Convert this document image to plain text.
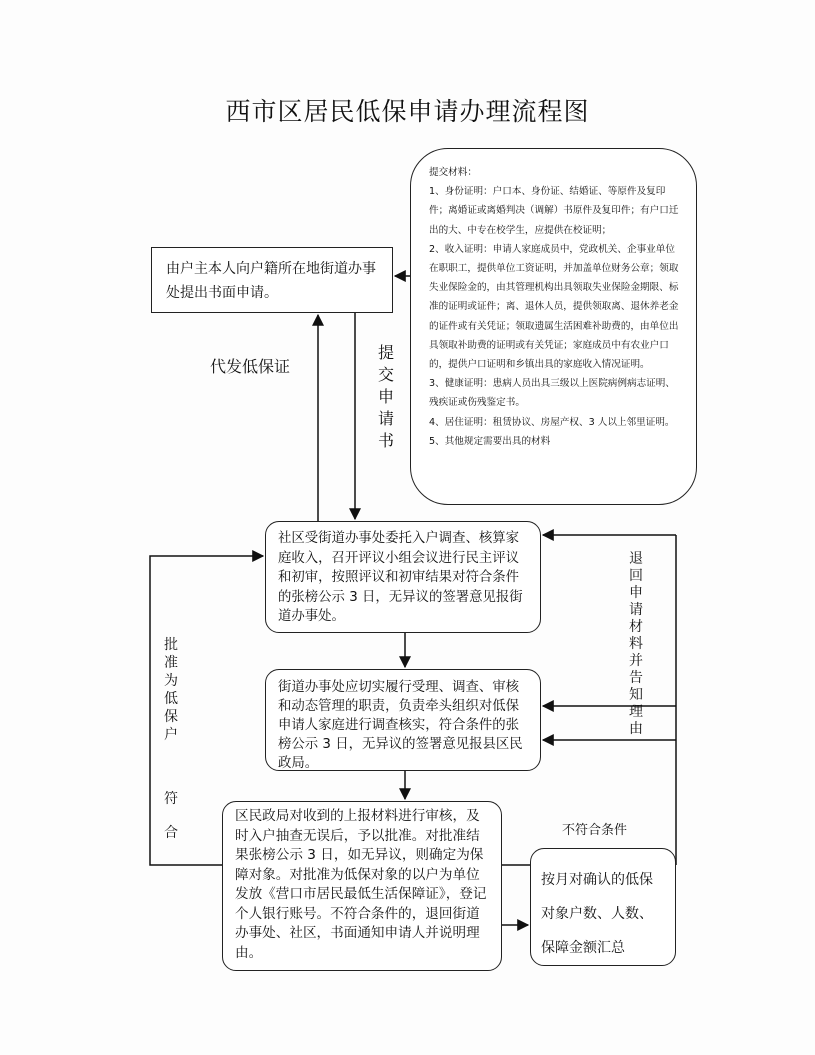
西市区居民低保申请办理流程图
提交材料：
1、身份证明：户口本、身份证、结婚证、等原件及复印件；离婚证或离婚判决（调解）书原件及复印件；有户口迁出的大、中专在校学生，应提供在校证明；
2、收入证明：申请人家庭成员中，党政机关、企事业单位在职职工，提供单位工资证明，并加盖单位财务公章；领取失业保险金的，由其管理机构出具领取失业保险金期限、标准的证明或证件；离、退休人员，提供领取离、退休养老金的证件或有关凭证；领取遗属生活困难补助费的，由单位出具领取补助费的证明或有关凭证；家庭成员中有农业户口的，提供户口证明和乡镇出具的家庭收入情况证明。
3、健康证明：患病人员出具三级以上医院病例病志证明、残疾证或伤残鉴定书。
4、居住证明：租赁协议、房屋产权、3 人以上邻里证明。
5、其他规定需要出具的材料
由户主本人向户籍所在地街道办事处提出书面申请。
社区受街道办事处委托入户调查、核算家庭收入，召开评议小组会议进行民主评议和初审，按照评议和初审结果对符合条件的张榜公示 3 日，无异议的签署意见报街道办事处。
街道办事处应切实履行受理、调查、审核和动态管理的职责，负责牵头组织对低保申请人家庭进行调查核实，符合条件的张榜公示 3 日，无异议的签署意见报县区民政局。
区民政局对收到的上报材料进行审核，及时入户抽查无误后，予以批准。对批准结果张榜公示 3 日，如无异议，则确定为保障对象。对批准为低保对象的以户为单位发放《营口市居民最低生活保障证》，登记个人银行账号。不符合条件的，退回街道办事处、社区，书面通知申请人并说明理由。
按月对确认的低保对象户数、人数、保障金额汇总
代发低保证
提交申请书
退回申请材料并告知理由
批准为低保户
符合	不符合条件
